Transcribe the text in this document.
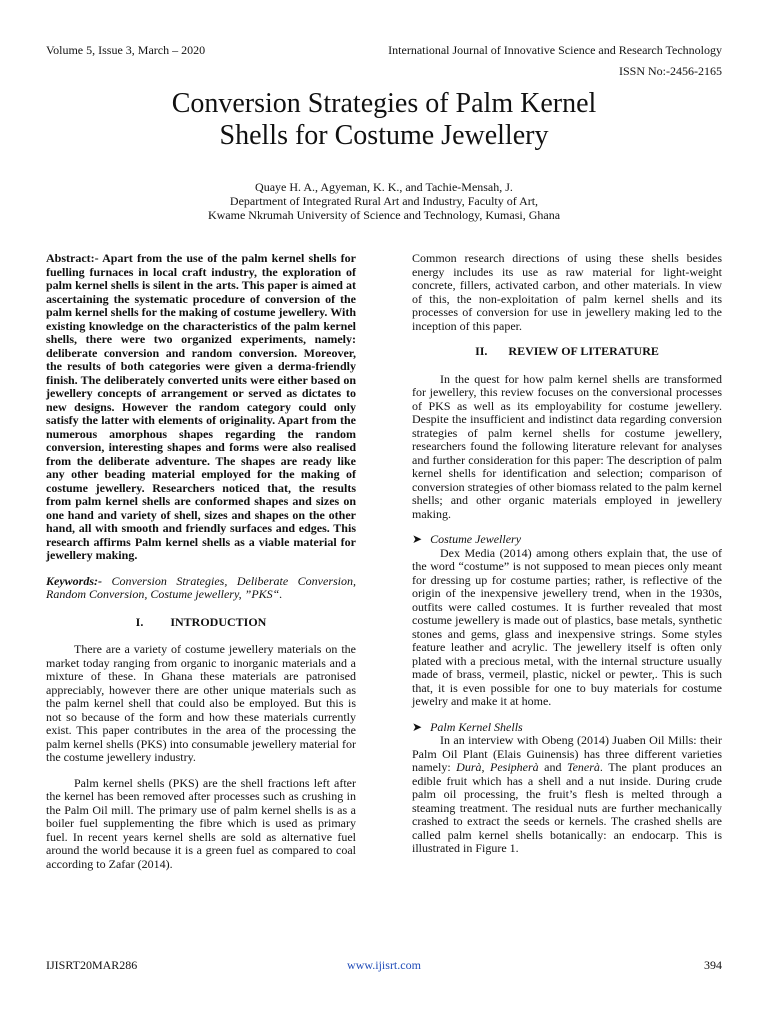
Volume 5, Issue 3, March – 2020	International Journal of Innovative Science and Research Technology
ISSN No:-2456-2165
Conversion Strategies of Palm Kernel
Shells for Costume Jewellery
Quaye H. A., Agyeman, K. K., and Tachie-Mensah, J.
Department of Integrated Rural Art and Industry, Faculty of Art,
Kwame Nkrumah University of Science and Technology, Kumasi, Ghana

Abstract:- Apart from the use of the palm kernel shells for fuelling furnaces in local craft industry, the exploration of palm kernel shells is silent in the arts. This paper is aimed at ascertaining the systematic procedure of conversion of the palm kernel shells for the making of costume jewellery. With existing knowledge on the characteristics of the palm kernel shells, there were two organized experiments, namely: deliberate conversion and random conversion. Moreover, the results of both categories were given a derma-friendly finish. The deliberately converted units were either based on jewellery concepts of arrangement or served as dictates to new designs. However the random category could only satisfy the latter with elements of originality. Apart from the numerous amorphous shapes regarding the random conversion, interesting shapes and forms were also realised from the deliberate adventure. The shapes are ready like any other beading material employed for the making of costume jewellery. Researchers noticed that, the results from palm kernel shells are conformed shapes and sizes on one hand and variety of shell, sizes and shapes on the other hand, all with smooth and friendly surfaces and edges. This research affirms Palm kernel shells as a viable material for jewellery making.

Keywords:- Conversion Strategies, Deliberate Conversion, Random Conversion, Costume jewellery, ”PKS“.

I.         INTRODUCTION

There are a variety of costume jewellery materials on the market today ranging from organic to inorganic materials and a mixture of these. In Ghana these materials are patronised appreciably, however there are other unique materials such as the palm kernel shell that could also be employed. But this is not so because of the form and how these materials currently exist. This paper contributes in the area of the processing the palm kernel shells (PKS) into consumable jewellery material for the costume jewellery industry.

Palm kernel shells (PKS) are the shell fractions left after the kernel has been removed after processes such as crushing in the Palm Oil mill. The primary use of palm kernel shells is as a boiler fuel supplementing the fibre which is used as primary fuel. In recent years kernel shells are sold as alternative fuel around the world because it is a green fuel as compared to coal according to Zafar (2014).

Common research directions of using these shells besides energy includes its use as raw material for light-weight concrete, fillers, activated carbon, and other materials. In view of this, the non-exploitation of palm kernel shells and its processes of conversion for use in jewellery making led to the inception of this paper.

II.       REVIEW OF LITERATURE

In the quest for how palm kernel shells are transformed for jewellery, this review focuses on the conversional processes of PKS as well as its employability for costume jewellery. Despite the insufficient and indistinct data regarding conversion strategies of palm kernel shells for costume jewellery, researchers found the following literature relevant for analyses and further consideration for this paper: The description of palm kernel shells for identification and selection; comparison of conversion strategies of other biomass related to the palm kernel shells; and other organic materials employed in jewellery making.

➤ Costume Jewellery

Dex Media (2014) among others explain that, the use of the word “costume” is not supposed to mean pieces only meant for dressing up for costume parties; rather, is reflective of the origin of the inexpensive jewellery trend, when in the 1930s, outfits were called costumes. It is further revealed that most costume jewellery is made out of plastics, base metals, synthetic stones and gems, glass and inexpensive strings. Some styles feature leather and acrylic. The jewellery itself is often only plated with a precious metal, with the internal structure usually made of brass, vermeil, plastic, nickel or pewter,. This is such that, it is even possible for one to buy materials for costume jewelry and make it at home.

➤ Palm Kernel Shells

In an interview with Obeng (2014) Juaben Oil Mills: their Palm Oil Plant (Elais Guinensis) has three different varieties namely: Durà, Pesipherà and Tenerà. The plant produces an edible fruit which has a shell and a nut inside. During crude palm oil processing, the fruit’s flesh is melted through a steaming treatment. The residual nuts are further mechanically crashed to extract the seeds or kernels. The crashed shells are called palm kernel shells botanically: an endocarp. This is illustrated in Figure 1.

IJISRT20MAR286	www.ijisrt.com	394
